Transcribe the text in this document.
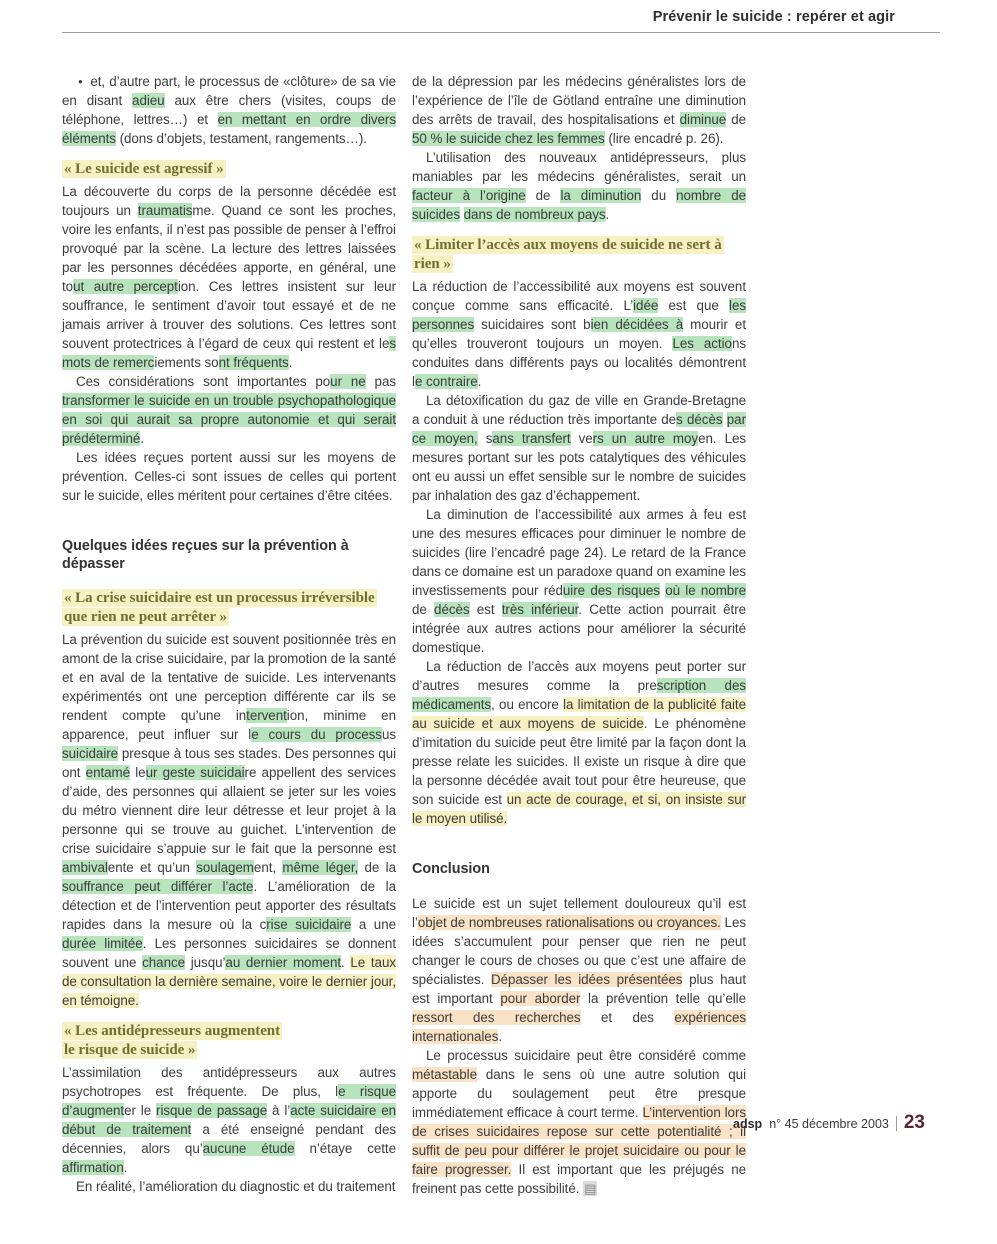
Prévenir le suicide : repérer et agir

● et, d’autre part, le processus de «clôture» de sa vie en disant adieu aux être chers (visites, coups de téléphone, lettres…) et en mettant en ordre divers éléments (dons d’objets, testament, rangements…).

« Le suicide est agressif »

La découverte du corps de la personne décédée est toujours un traumatisme. Quand ce sont les proches, voire les enfants, il n’est pas possible de penser à l’effroi provoqué par la scène. La lecture des lettres laissées par les personnes décédées apporte, en général, une tout autre perception. Ces lettres insistent sur leur souffrance, le sentiment d’avoir tout essayé et de ne jamais arriver à trouver des solutions. Ces lettres sont souvent protectrices à l’égard de ceux qui restent et les mots de remerciements sont fréquents.

Ces considérations sont importantes pour ne pas transformer le suicide en un trouble psychopathologique en soi qui aurait sa propre autonomie et qui serait prédéterminé.

Les idées reçues portent aussi sur les moyens de prévention. Celles-ci sont issues de celles qui portent sur le suicide, elles méritent pour certaines d’être citées.

Quelques idées reçues sur la prévention à dépasser
« La crise suicidaire est un processus irréversible que rien ne peut arrêter »

La prévention du suicide est souvent positionnée très en amont de la crise suicidaire, par la promotion de la santé et en aval de la tentative de suicide. Les intervenants expérimentés ont une perception différente car ils se rendent compte qu’une intervention, minime en apparence, peut influer sur le cours du processus suicidaire presque à tous ses stades. Des personnes qui ont entamé leur geste suicidaire appellent des services d’aide, des personnes qui allaient se jeter sur les voies du métro viennent dire leur détresse et leur projet à la personne qui se trouve au guichet. L’intervention de crise suicidaire s’appuie sur le fait que la personne est ambivalente et qu’un soulagement, même léger, de la souffrance peut différer l’acte. L’amélioration de la détection et de l’intervention peut apporter des résultats rapides dans la mesure où la crise suicidaire a une durée limitée. Les personnes suicidaires se donnent souvent une chance jusqu’au dernier moment. Le taux de consultation la dernière semaine, voire le dernier jour, en témoigne.

« Les antidépresseurs augmentent
le risque de suicide »

L’assimilation des antidépresseurs aux autres psychotropes est fréquente. De plus, le risque d’augmenter le risque de passage à l’acte suicidaire en début de traitement a été enseigné pendant des décennies, alors qu’aucune étude n’étaye cette affirmation.

En réalité, l’amélioration du diagnostic et du traitement

de la dépression par les médecins généralistes lors de l’expérience de l’île de Götland entraîne une diminution des arrêts de travail, des hospitalisations et diminue de 50 % le suicide chez les femmes (lire encadré p. 26).

L’utilisation des nouveaux antidépresseurs, plus maniables par les médecins généralistes, serait un facteur à l’origine de la diminution du nombre de suicides dans de nombreux pays.

« Limiter l’accès aux moyens de suicide ne sert à rien »

La réduction de l’accessibilité aux moyens est souvent conçue comme sans efficacité. L’idée est que les personnes suicidaires sont bien décidées à mourir et qu’elles trouveront toujours un moyen. Les actions conduites dans différents pays ou localités démontrent le contraire.

La détoxification du gaz de ville en Grande-Bretagne a conduit à une réduction très importante des décès par ce moyen, sans transfert vers un autre moyen. Les mesures portant sur les pots catalytiques des véhicules ont eu aussi un effet sensible sur le nombre de suicides par inhalation des gaz d’échappement.

La diminution de l’accessibilité aux armes à feu est une des mesures efficaces pour diminuer le nombre de suicides (lire l’encadré page 24). Le retard de la France dans ce domaine est un paradoxe quand on examine les investissements pour réduire des risques où le nombre de décès est très inférieur. Cette action pourrait être intégrée aux autres actions pour améliorer la sécurité domestique.

La réduction de l’accès aux moyens peut porter sur d’autres mesures comme la prescription des médicaments, ou encore la limitation de la publicité faite au suicide et aux moyens de suicide. Le phénomène d’imitation du suicide peut être limité par la façon dont la presse relate les suicides. Il existe un risque à dire que la personne décédée avait tout pour être heureuse, que son suicide est un acte de courage, et si, on insiste sur le moyen utilisé.

Conclusion

Le suicide est un sujet tellement douloureux qu’il est l’objet de nombreuses rationalisations ou croyances. Les idées s’accumulent pour penser que rien ne peut changer le cours de choses ou que c’est une affaire de spécialistes. Dépasser les idées présentées plus haut est important pour aborder la prévention telle qu’elle ressort des recherches et des expériences internationales.

Le processus suicidaire peut être considéré comme métastable dans le sens où une autre solution qui apporte du soulagement peut être presque immédiatement efficace à court terme. L’intervention lors de crises suicidaires repose sur cette potentialité ; il suffit de peu pour différer le projet suicidaire ou pour le faire progresser. Il est important que les préjugés ne freinent pas cette possibilité. ▤

adsp n° 45 décembre 2003 23
